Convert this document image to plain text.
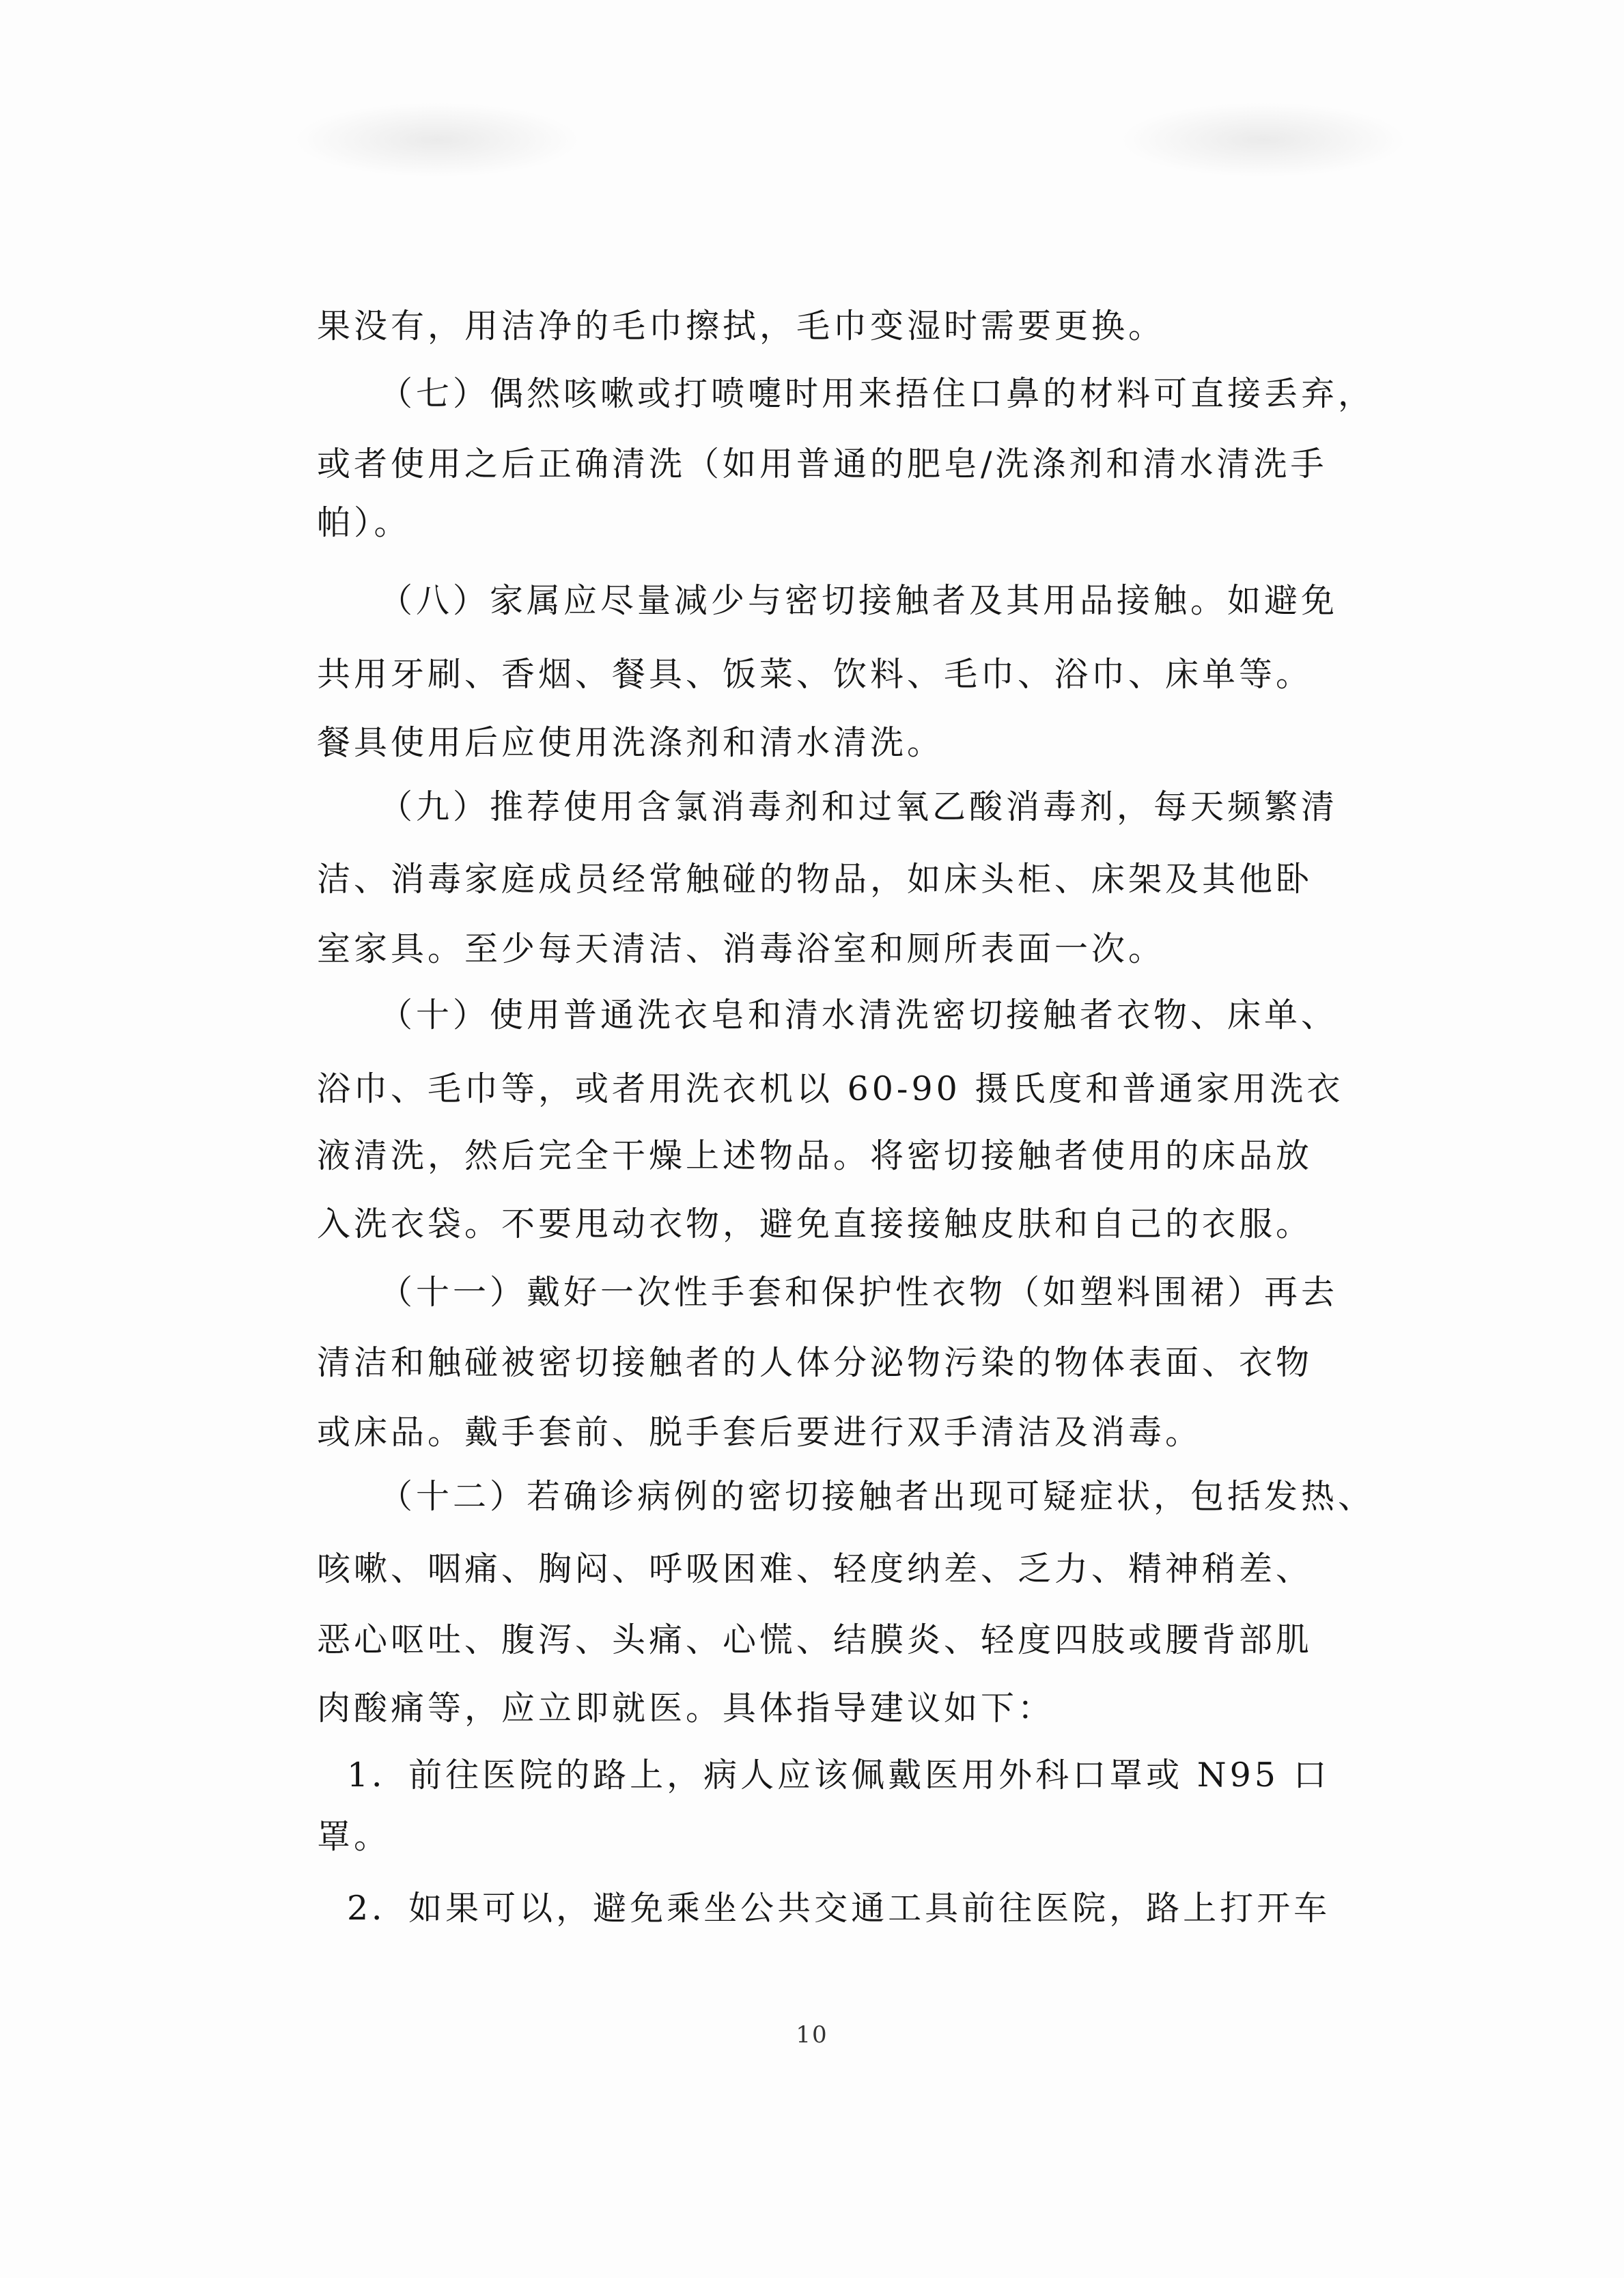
果没有，用洁净的毛巾擦拭，毛巾变湿时需要更换。
（七）偶然咳嗽或打喷嚏时用来捂住口鼻的材料可直接丢弃，
或者使用之后正确清洗（如用普通的肥皂/洗涤剂和清水清洗手
帕）。
（八）家属应尽量减少与密切接触者及其用品接触。如避免
共用牙刷、香烟、餐具、饭菜、饮料、毛巾、浴巾、床单等。
餐具使用后应使用洗涤剂和清水清洗。
（九）推荐使用含氯消毒剂和过氧乙酸消毒剂，每天频繁清
洁、消毒家庭成员经常触碰的物品，如床头柜、床架及其他卧
室家具。至少每天清洁、消毒浴室和厕所表面一次。
（十）使用普通洗衣皂和清水清洗密切接触者衣物、床单、
浴巾、毛巾等，或者用洗衣机以 60-90 摄氏度和普通家用洗衣
液清洗，然后完全干燥上述物品。将密切接触者使用的床品放
入洗衣袋。不要甩动衣物，避免直接接触皮肤和自己的衣服。
（十一）戴好一次性手套和保护性衣物（如塑料围裙）再去
清洁和触碰被密切接触者的人体分泌物污染的物体表面、衣物
或床品。戴手套前、脱手套后要进行双手清洁及消毒。
（十二）若确诊病例的密切接触者出现可疑症状，包括发热、
咳嗽、咽痛、胸闷、呼吸困难、轻度纳差、乏力、精神稍差、
恶心呕吐、腹泻、头痛、心慌、结膜炎、轻度四肢或腰背部肌
肉酸痛等，应立即就医。具体指导建议如下：
1．前往医院的路上，病人应该佩戴医用外科口罩或 N95 口
罩。
2．如果可以，避免乘坐公共交通工具前往医院，路上打开车
10
